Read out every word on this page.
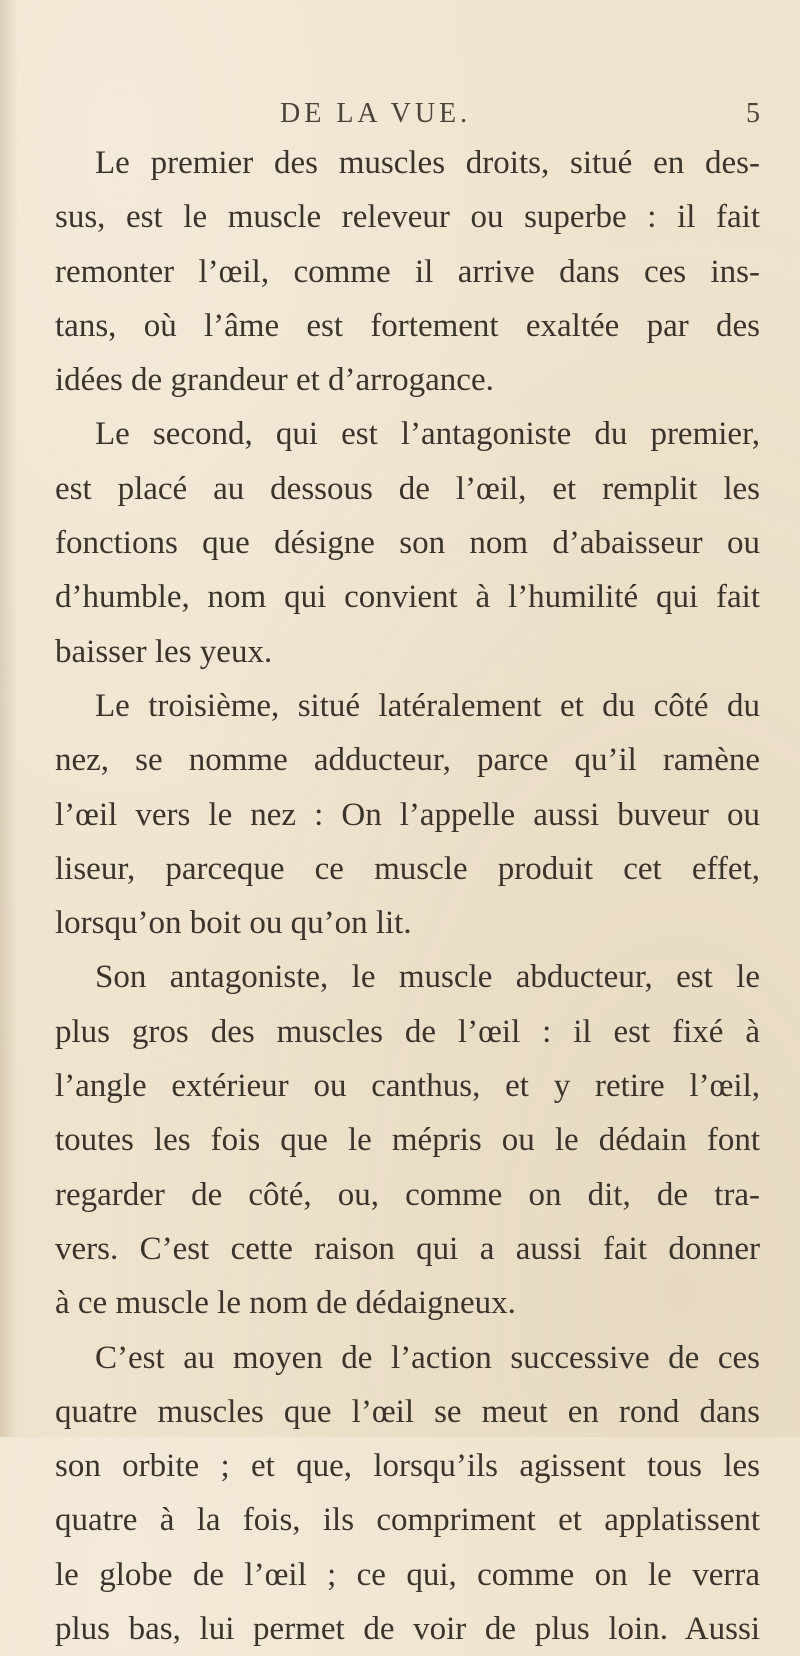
DE LA VUE.	5
Le premier des muscles droits, situé en des-
sus, est le muscle releveur ou superbe : il fait
remonter l’œil, comme il arrive dans ces ins-
tans, où l’âme est fortement exaltée par des
idées de grandeur et d’arrogance.
Le second, qui est l’antagoniste du premier,
est placé au dessous de l’œil, et remplit les
fonctions que désigne son nom d’abaisseur ou
d’humble, nom qui convient à l’humilité qui fait
baisser les yeux.
Le troisième, situé latéralement et du côté du
nez, se nomme adducteur, parce qu’il ramène
l’œil vers le nez : On l’appelle aussi buveur ou
liseur, parceque ce muscle produit cet effet,
lorsqu’on boit ou qu’on lit.
Son antagoniste, le muscle abducteur, est le
plus gros des muscles de l’œil : il est fixé à
l’angle extérieur ou canthus, et y retire l’œil,
toutes les fois que le mépris ou le dédain font
regarder de côté, ou, comme on dit, de tra-
vers. C’est cette raison qui a aussi fait donner
à ce muscle le nom de dédaigneux.
C’est au moyen de l’action successive de ces
quatre muscles que l’œil se meut en rond dans
son orbite ; et que, lorsqu’ils agissent tous les
quatre à la fois, ils compriment et applatissent
le globe de l’œil ; ce qui, comme on le verra
plus bas, lui permet de voir de plus loin. Aussi
